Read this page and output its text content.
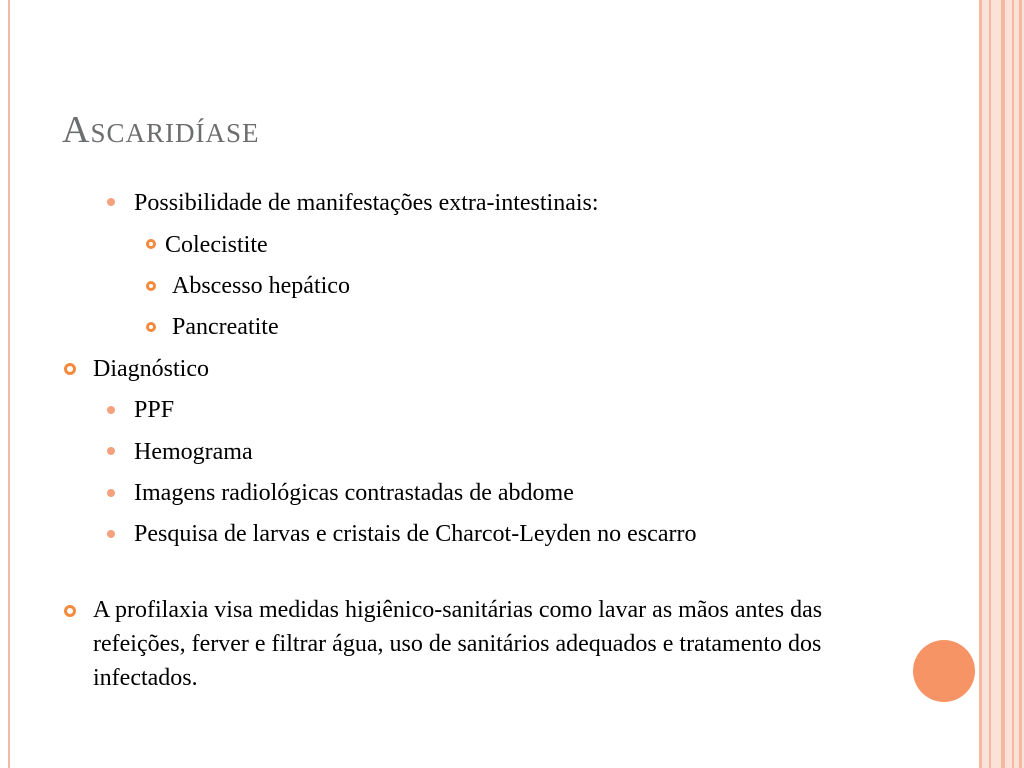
Ascaridíase
Possibilidade de manifestações extra-intestinais:
Colecistite
Abscesso hepático
Pancreatite
Diagnóstico
PPF
Hemograma
Imagens radiológicas contrastadas de abdome
Pesquisa de larvas e cristais de Charcot-Leyden no escarro
A profilaxia visa medidas higiênico-sanitárias como lavar as mãos antes das refeições, ferver e filtrar água, uso de sanitários adequados e tratamento dos infectados.
